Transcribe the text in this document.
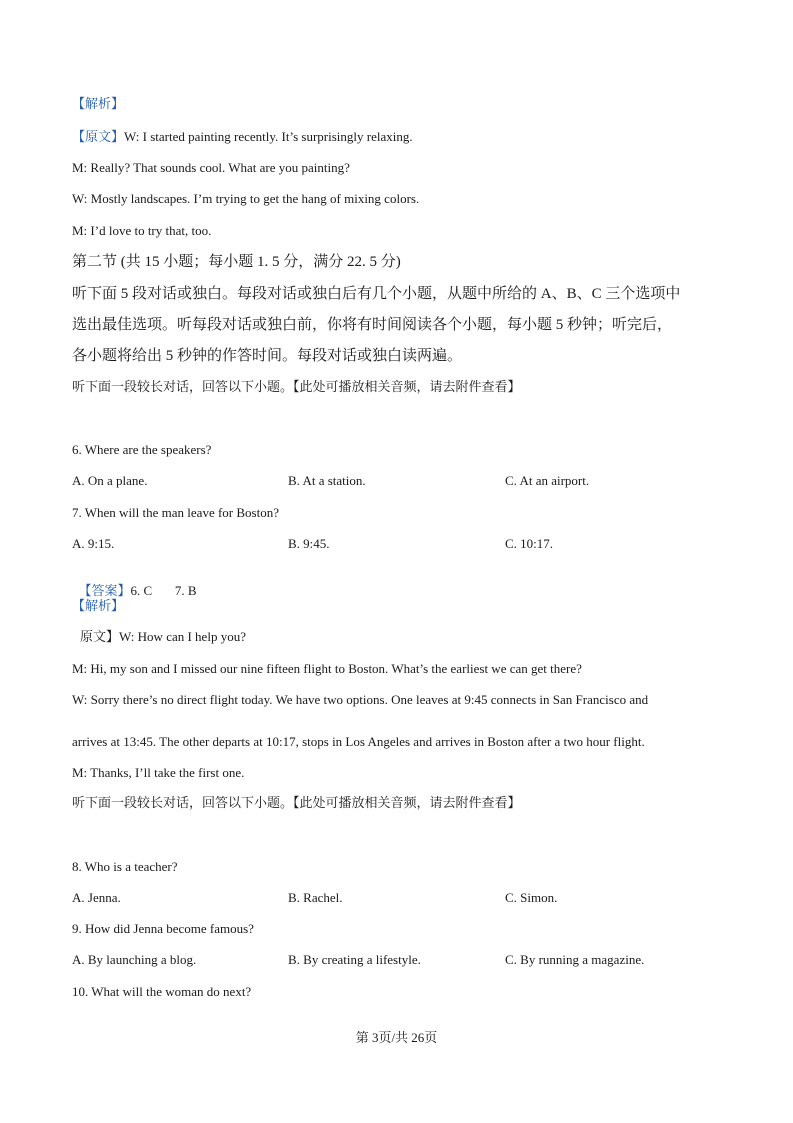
【解析】
【原文】W: I started painting recently. It’s surprisingly relaxing.
M: Really? That sounds cool. What are you painting?
W: Mostly landscapes. I’m trying to get the hang of mixing colors.
M: I’d love to try that, too.
第二节 (共 15 小题；每小题 1. 5 分，满分 22. 5 分)
听下面 5 段对话或独白。每段对话或独白后有几个小题，从题中所给的 A、B、C 三个选项中
选出最佳选项。听每段对话或独白前，你将有时间阅读各个小题，每小题 5 秒钟；听完后，
各小题将给出 5 秒钟的作答时间。每段对话或独白读两遍。
听下面一段较长对话，回答以下小题。【此处可播放相关音频，请去附件查看】
6. Where are the speakers?
A. On a plane.	B. At a station.	C. At an airport.
7. When will the man leave for Boston?
A. 9:15.	B. 9:45.	C. 10:17.

【答案】6. C       7. B

【解析】
原文】W: How can I help you?
M: Hi, my son and I missed our nine fifteen flight to Boston. What’s the earliest we can get there?
W: Sorry there’s no direct flight today. We have two options. One leaves at 9:45 connects in San Francisco and
arrives at 13:45. The other departs at 10:17, stops in Los Angeles and arrives in Boston after a two hour flight.
M: Thanks, I’ll take the first one.
听下面一段较长对话，回答以下小题。【此处可播放相关音频，请去附件查看】
8. Who is a teacher?
A. Jenna.	B. Rachel.	C. Simon.
9. How did Jenna become famous?
A. By launching a blog.	B. By creating a lifestyle.	C. By running a magazine.
10. What will the woman do next?
第 3页/共 26页
